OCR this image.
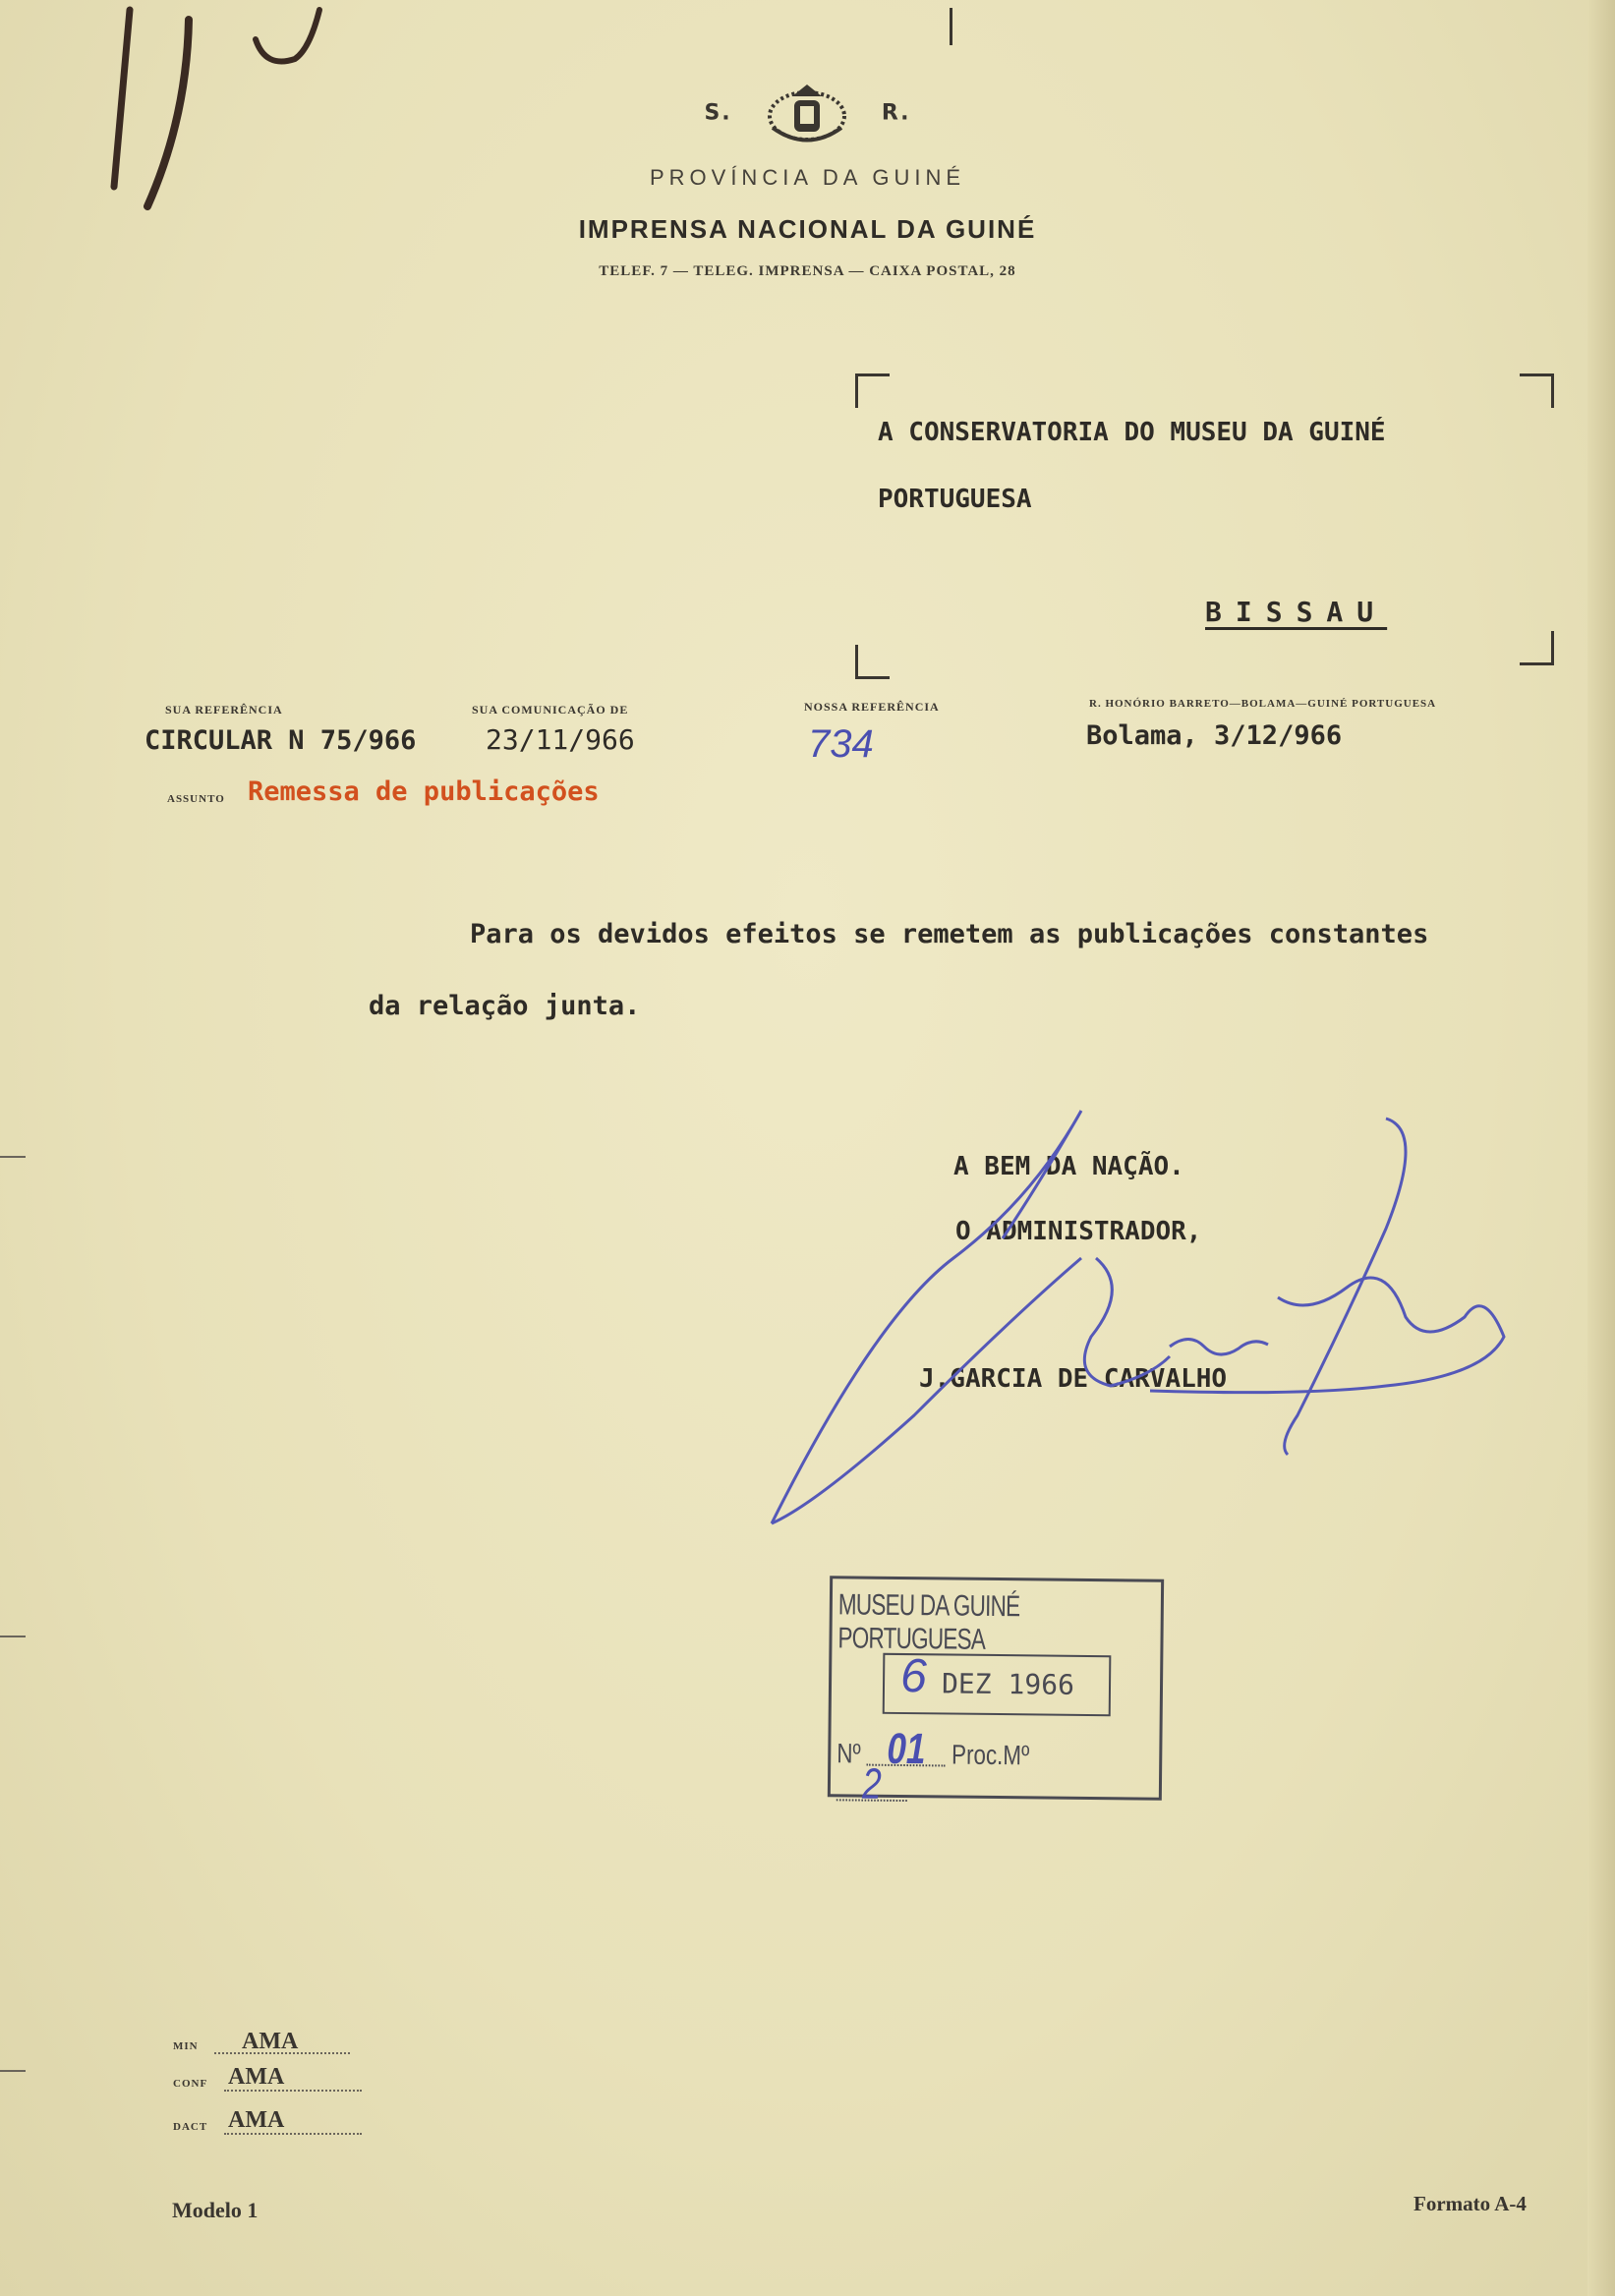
S.	R.
PROVÍNCIA DA GUINÉ
IMPRENSA NACIONAL DA GUINÉ
TELEF. 7 — TELEG. IMPRENSA — CAIXA POSTAL, 28
A CONSERVATORIA DO MUSEU DA GUINÉ
PORTUGUESA
BISSAU
SUA REFERÊNCIA
CIRCULAR N 75/966
SUA COMUNICAÇÃO DE
23/11/966
NOSSA REFERÊNCIA
734
R. HONÓRIO BARRETO—BOLAMA—GUINÉ PORTUGUESA
Bolama, 3/12/966
ASSUNTO Remessa de publicações
Para os devidos efeitos se remetem as publicações constantes
da relação junta.
A BEM DA NAÇÃO.
O ADMINISTRADOR,
J.GARCIA DE CARVALHO
MUSEU DA GUINÉ PORTUGUESA
6 DEZ 1966
Nº 01 Proc.Mº 2
MIN AMA
CONF AMA
DACT AMA
Modelo 1	Formato A-4
